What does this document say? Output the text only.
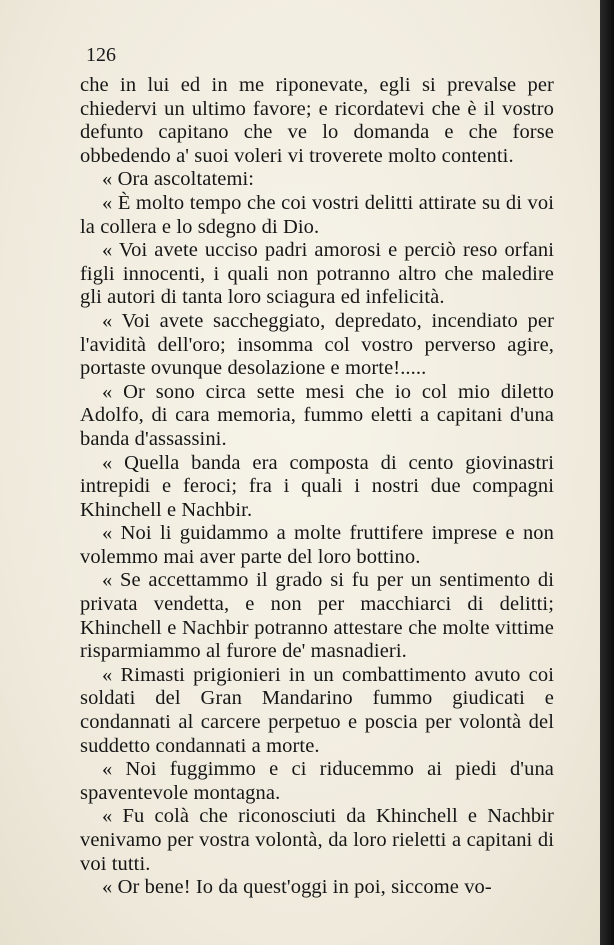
126

che in lui ed in me riponevate, egli si prevalse per chiedervi un ultimo favore; e ricordatevi che è il vostro defunto capitano che ve lo domanda e che forse obbedendo a' suoi voleri vi troverete molto contenti.

« Ora ascoltatemi:

« È molto tempo che coi vostri delitti attirate su di voi la collera e lo sdegno di Dio.

« Voi avete ucciso padri amorosi e perciò reso orfani figli innocenti, i quali non potranno altro che maledire gli autori di tanta loro sciagura ed infelicità.

« Voi avete saccheggiato, depredato, incendiato per l'avidità dell'oro; insomma col vostro perverso agire, portaste ovunque desolazione e morte!.....

« Or sono circa sette mesi che io col mio diletto Adolfo, di cara memoria, fummo eletti a capitani d'una banda d'assassini.

« Quella banda era composta di cento giovinastri intrepidi e feroci; fra i quali i nostri due compagni Khinchell e Nachbir.

« Noi li guidammo a molte fruttifere imprese e non volemmo mai aver parte del loro bottino.

« Se accettammo il grado si fu per un sentimento di privata vendetta, e non per macchiarci di delitti; Khinchell e Nachbir potranno attestare che molte vittime risparmiammo al furore de' masnadieri.

« Rimasti prigionieri in un combattimento avuto coi soldati del Gran Mandarino fummo giudicati e condannati al carcere perpetuo e poscia per volontà del suddetto condannati a morte.

« Noi fuggimmo e ci riducemmo ai piedi d'una spaventevole montagna.

« Fu colà che riconosciuti da Khinchell e Nachbir venivamo per vostra volontà, da loro rieletti a capitani di voi tutti.

« Or bene! Io da quest'oggi in poi, siccome vo-
